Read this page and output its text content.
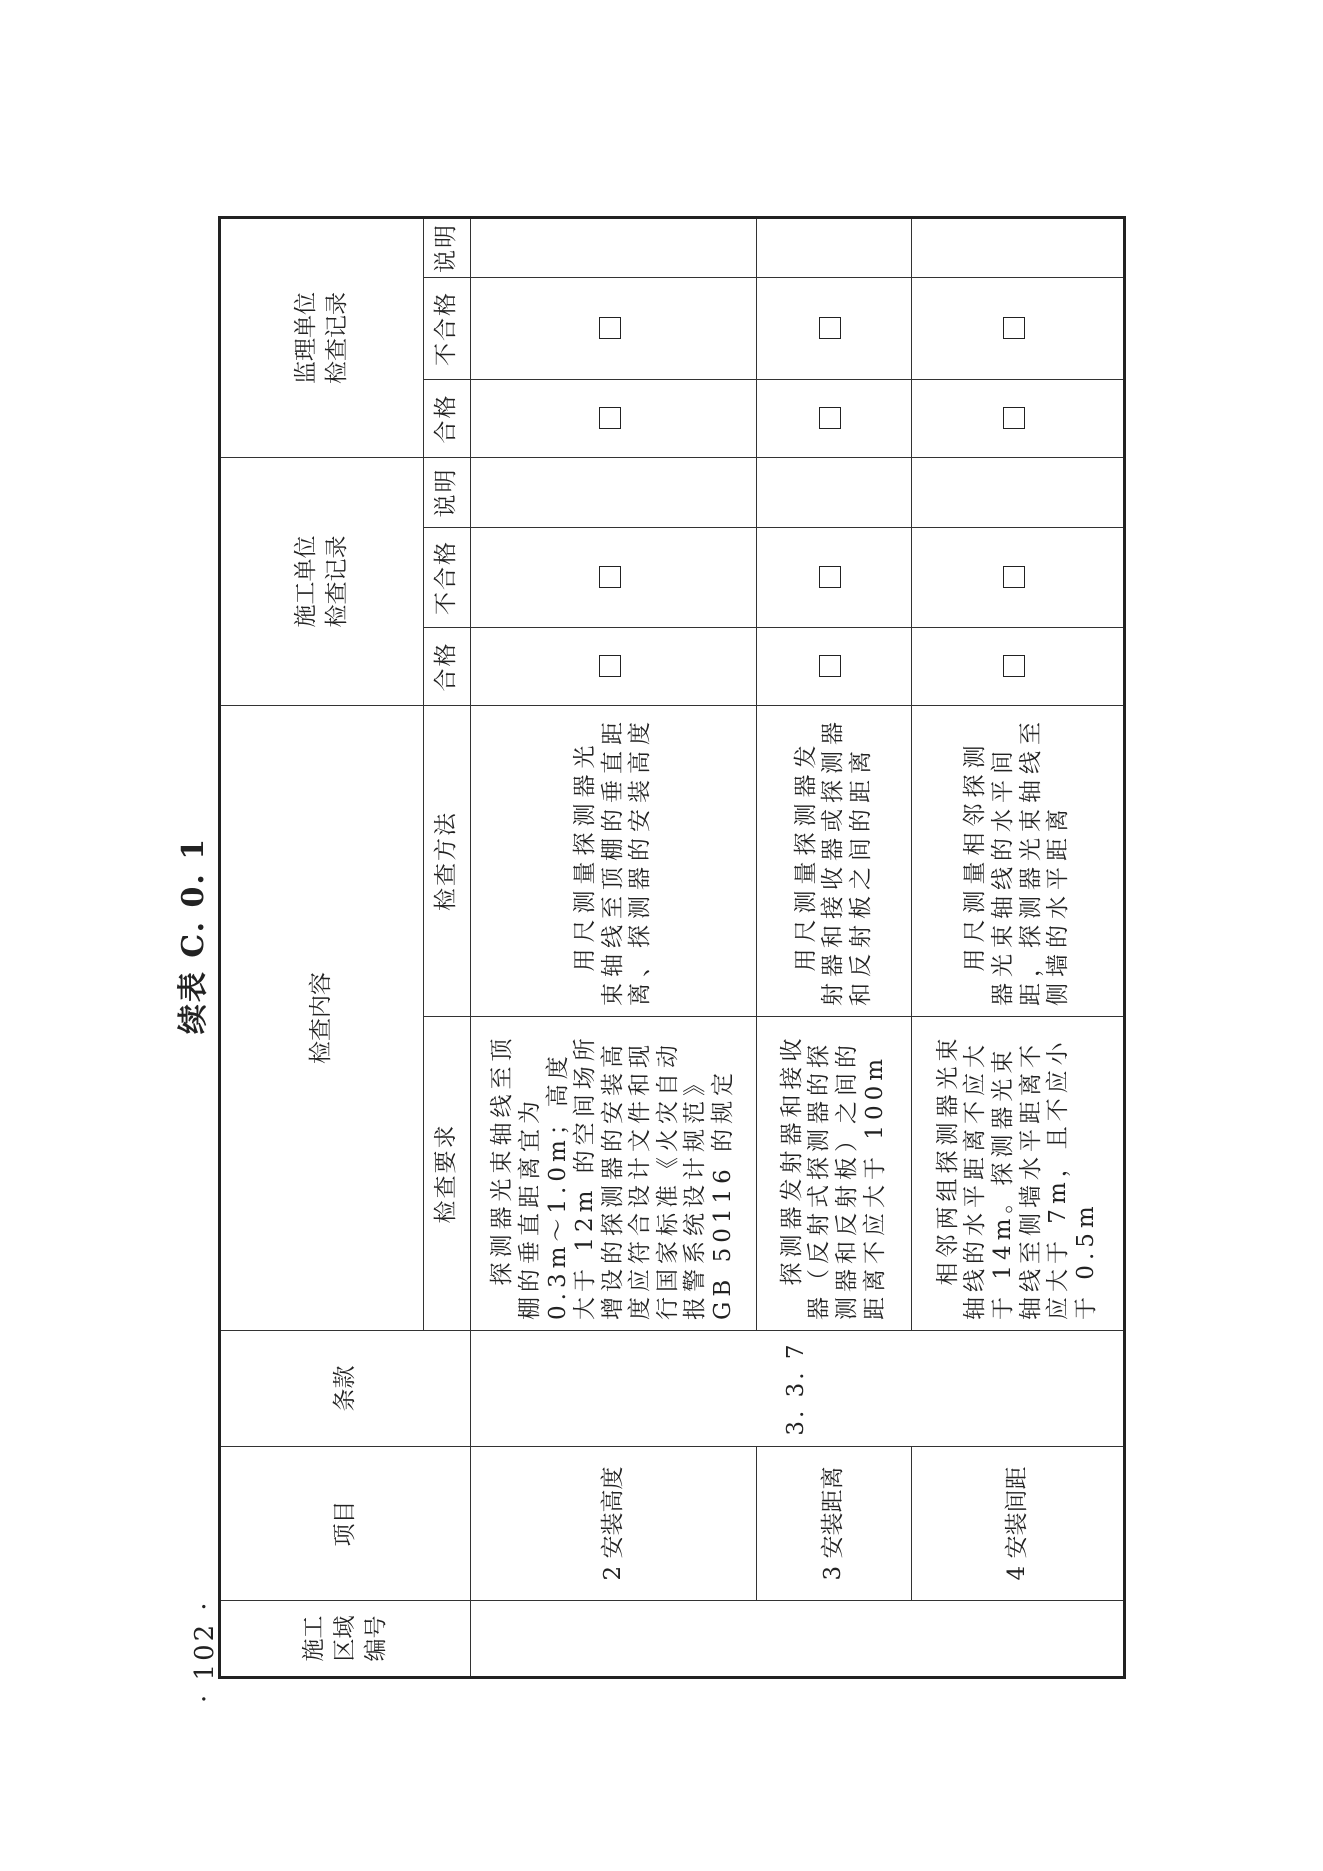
续表 C. 0. 1
· 102 ·	施工 区域 编号	项目	条款	检查内容		施工单位 检查记录			监理单位 检查记录		

			检查要求	检查方法	合格	不合格	说明	合格	不合格	说明
	2 安装高度	3. 3. 7	探测器光束轴线至顶棚的垂直距离宜为 0.3m～1.0m；高度大于 12m 的空间场所增设的探测器的安装高度应符合设计文件和现行国家标准《火灾自动报警系统设计规范》GB 50116 的规定	用尺测量探测器光束轴线至顶棚的垂直距离、探测器的安装高度						
	3 安装距离		探测器发射器和接收器（反射式探测器的探测器和反射板）之间的距离不应大于 100m	用尺测量探测器发射器和接收器或探测器和反射板之间的距离						
	4 安装间距		相邻两组探测器光束轴线的水平距离不应大于 14m。探测器光束轴线至侧墙水平距离不应大于 7m，且不应小于 0.5m	用尺测量相邻探测器光束轴线的水平间距，探测器光束轴线至侧墙的水平距离						
